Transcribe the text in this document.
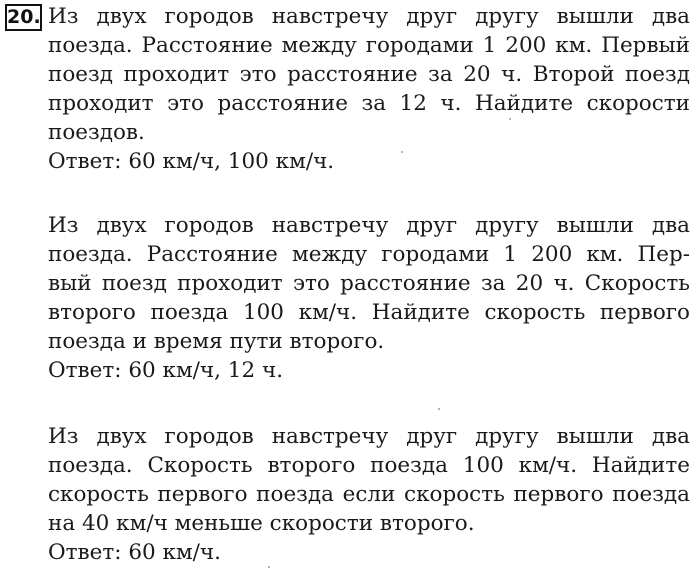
20. Из двух городов навстречу друг другу вышли два
поезда. Расстояние между городами 1 200 км. Первый
поезд проходит это расстояние за 20 ч. Второй поезд
проходит это расстояние за 12 ч. Найдите скорости
поездов.
Ответ: 60 км/ч, 100 км/ч.
Из двух городов навстречу друг другу вышли два
поезда. Расстояние между городами 1 200 км. Пер-
вый поезд проходит это расстояние за 20 ч. Скорость
второго поезда 100 км/ч. Найдите скорость первого
поезда и время пути второго.
Ответ: 60 км/ч, 12 ч.
Из двух городов навстречу друг другу вышли два
поезда. Скорость второго поезда 100 км/ч. Найдите
скорость первого поезда если скорость первого поезда
на 40 км/ч меньше скорости второго.
Ответ: 60 км/ч.
